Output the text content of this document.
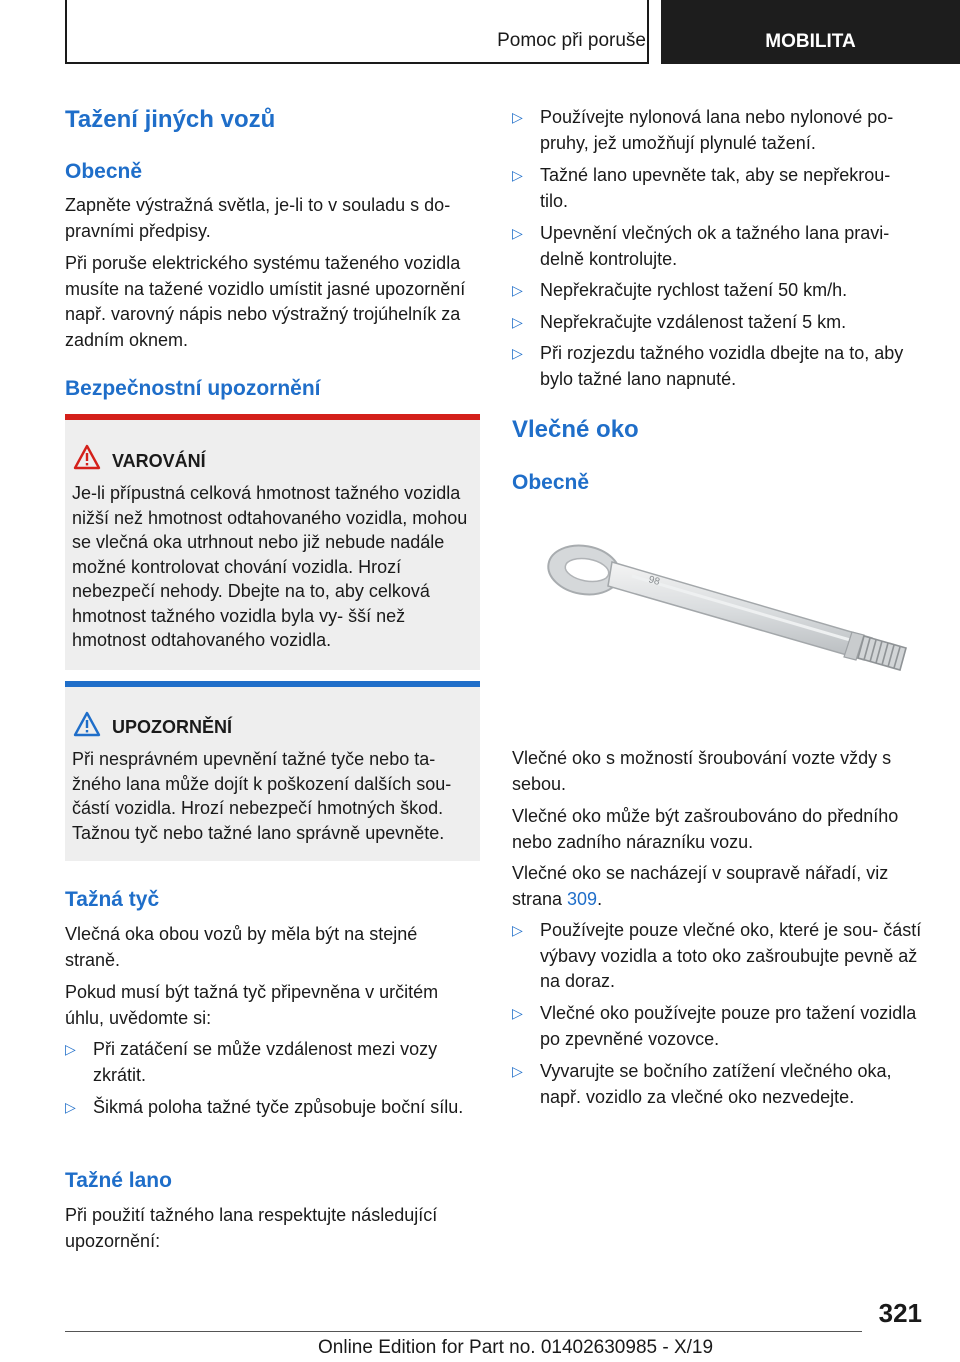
Pomoc při poruše	MOBILITA
Tažení jiných vozů
Obecně
Zapněte výstražná světla, je-li to v souladu s do- pravními předpisy.
Při poruše elektrického systému taženého vozidla musíte na tažené vozidlo umístit jasné upozornění např. varovný nápis nebo výstražný trojúhelník za zadním oknem.
Bezpečnostní upozornění
VAROVÁNÍ
Je-li přípustná celková hmotnost tažného vozidla nižší než hmotnost odtahovaného vozidla, mohou se vlečná oka utrhnout nebo již nebude nadále možné kontrolovat chování vozidla. Hrozí nebezpečí nehody. Dbejte na to, aby celková hmotnost tažného vozidla byla vy- šší než hmotnost odtahovaného vozidla.
UPOZORNĚNÍ
Při nesprávném upevnění tažné tyče nebo ta- žného lana může dojít k poškození dalších sou- částí vozidla. Hrozí nebezpečí hmotných škod. Tažnou tyč nebo tažné lano správně upevněte.
Tažná tyč
Vlečná oka obou vozů by měla být na stejné straně.
Pokud musí být tažná tyč připevněna v určitém úhlu, uvědomte si:
▷ Při zatáčení se může vzdálenost mezi vozy zkrátit.
▷ Šikmá poloha tažné tyče způsobuje boční sílu.
Tažné lano
Při použití tažného lana respektujte následující upozornění:
▷ Používejte nylonová lana nebo nylonové po- pruhy, jež umožňují plynulé tažení.
▷ Tažné lano upevněte tak, aby se nepřekrou- tilo.
▷ Upevnění vlečných ok a tažného lana pravi- delně kontrolujte.
▷ Nepřekračujte rychlost tažení 50 km/h.
▷ Nepřekračujte vzdálenost tažení 5 km.
▷ Při rozjezdu tažného vozidla dbejte na to, aby bylo tažné lano napnuté.
Vlečné oko
Obecně
98
Vlečné oko s možností šroubování vozte vždy s sebou.
Vlečné oko může být zašroubováno do předního nebo zadního nárazníku vozu.
Vlečné oko se nacházejí v soupravě nářadí, viz strana 309.
▷ Používejte pouze vlečné oko, které je sou- částí výbavy vozidla a toto oko zašroubujte pevně až na doraz.
▷ Vlečné oko používejte pouze pro tažení vozidla po zpevněné vozovce.
▷ Vyvarujte se bočního zatížení vlečného oka, např. vozidlo za vlečné oko nezvedejte.
321
Online Edition for Part no. 01402630985 - X/19
